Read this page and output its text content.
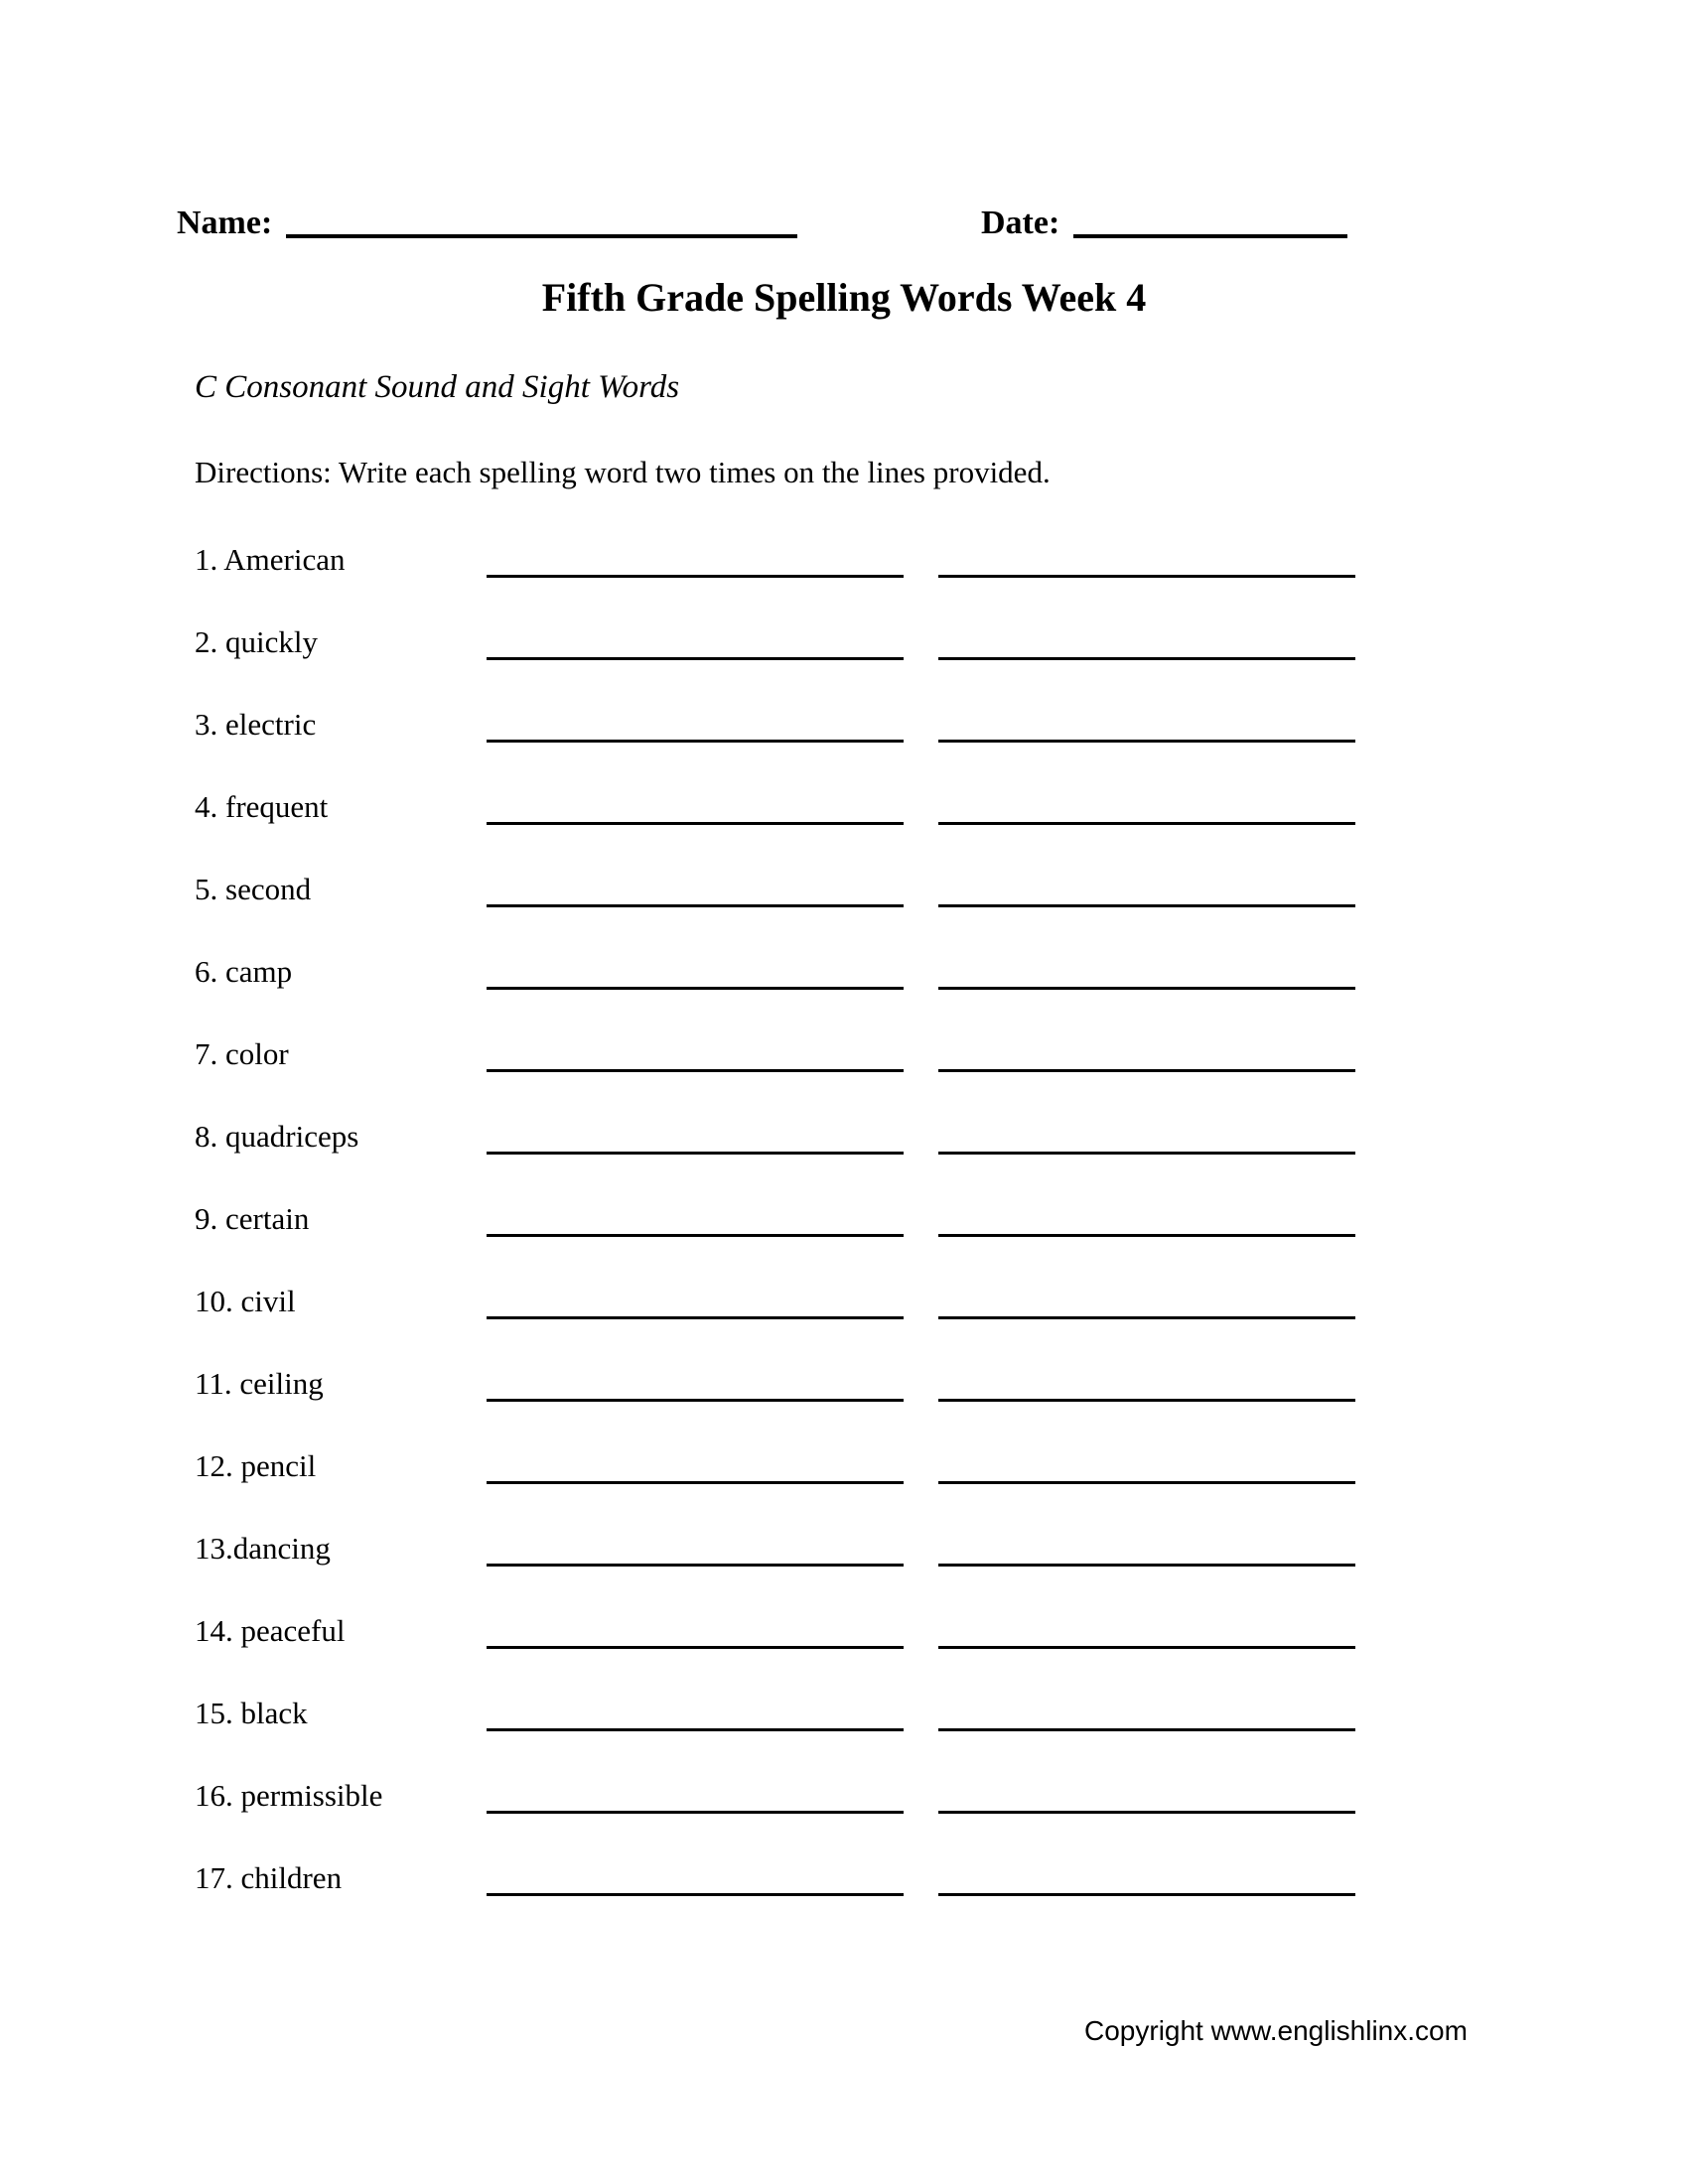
Name:	Date:
Fifth Grade Spelling Words Week 4
C Consonant Sound and Sight Words
Directions: Write each spelling word two times on the lines provided.
1. American
2. quickly
3. electric
4. frequent
5. second
6. camp
7. color
8. quadriceps
9. certain
10. civil
11. ceiling
12. pencil
13.dancing
14. peaceful
15. black
16. permissible
17. children
Copyright www.englishlinx.com
